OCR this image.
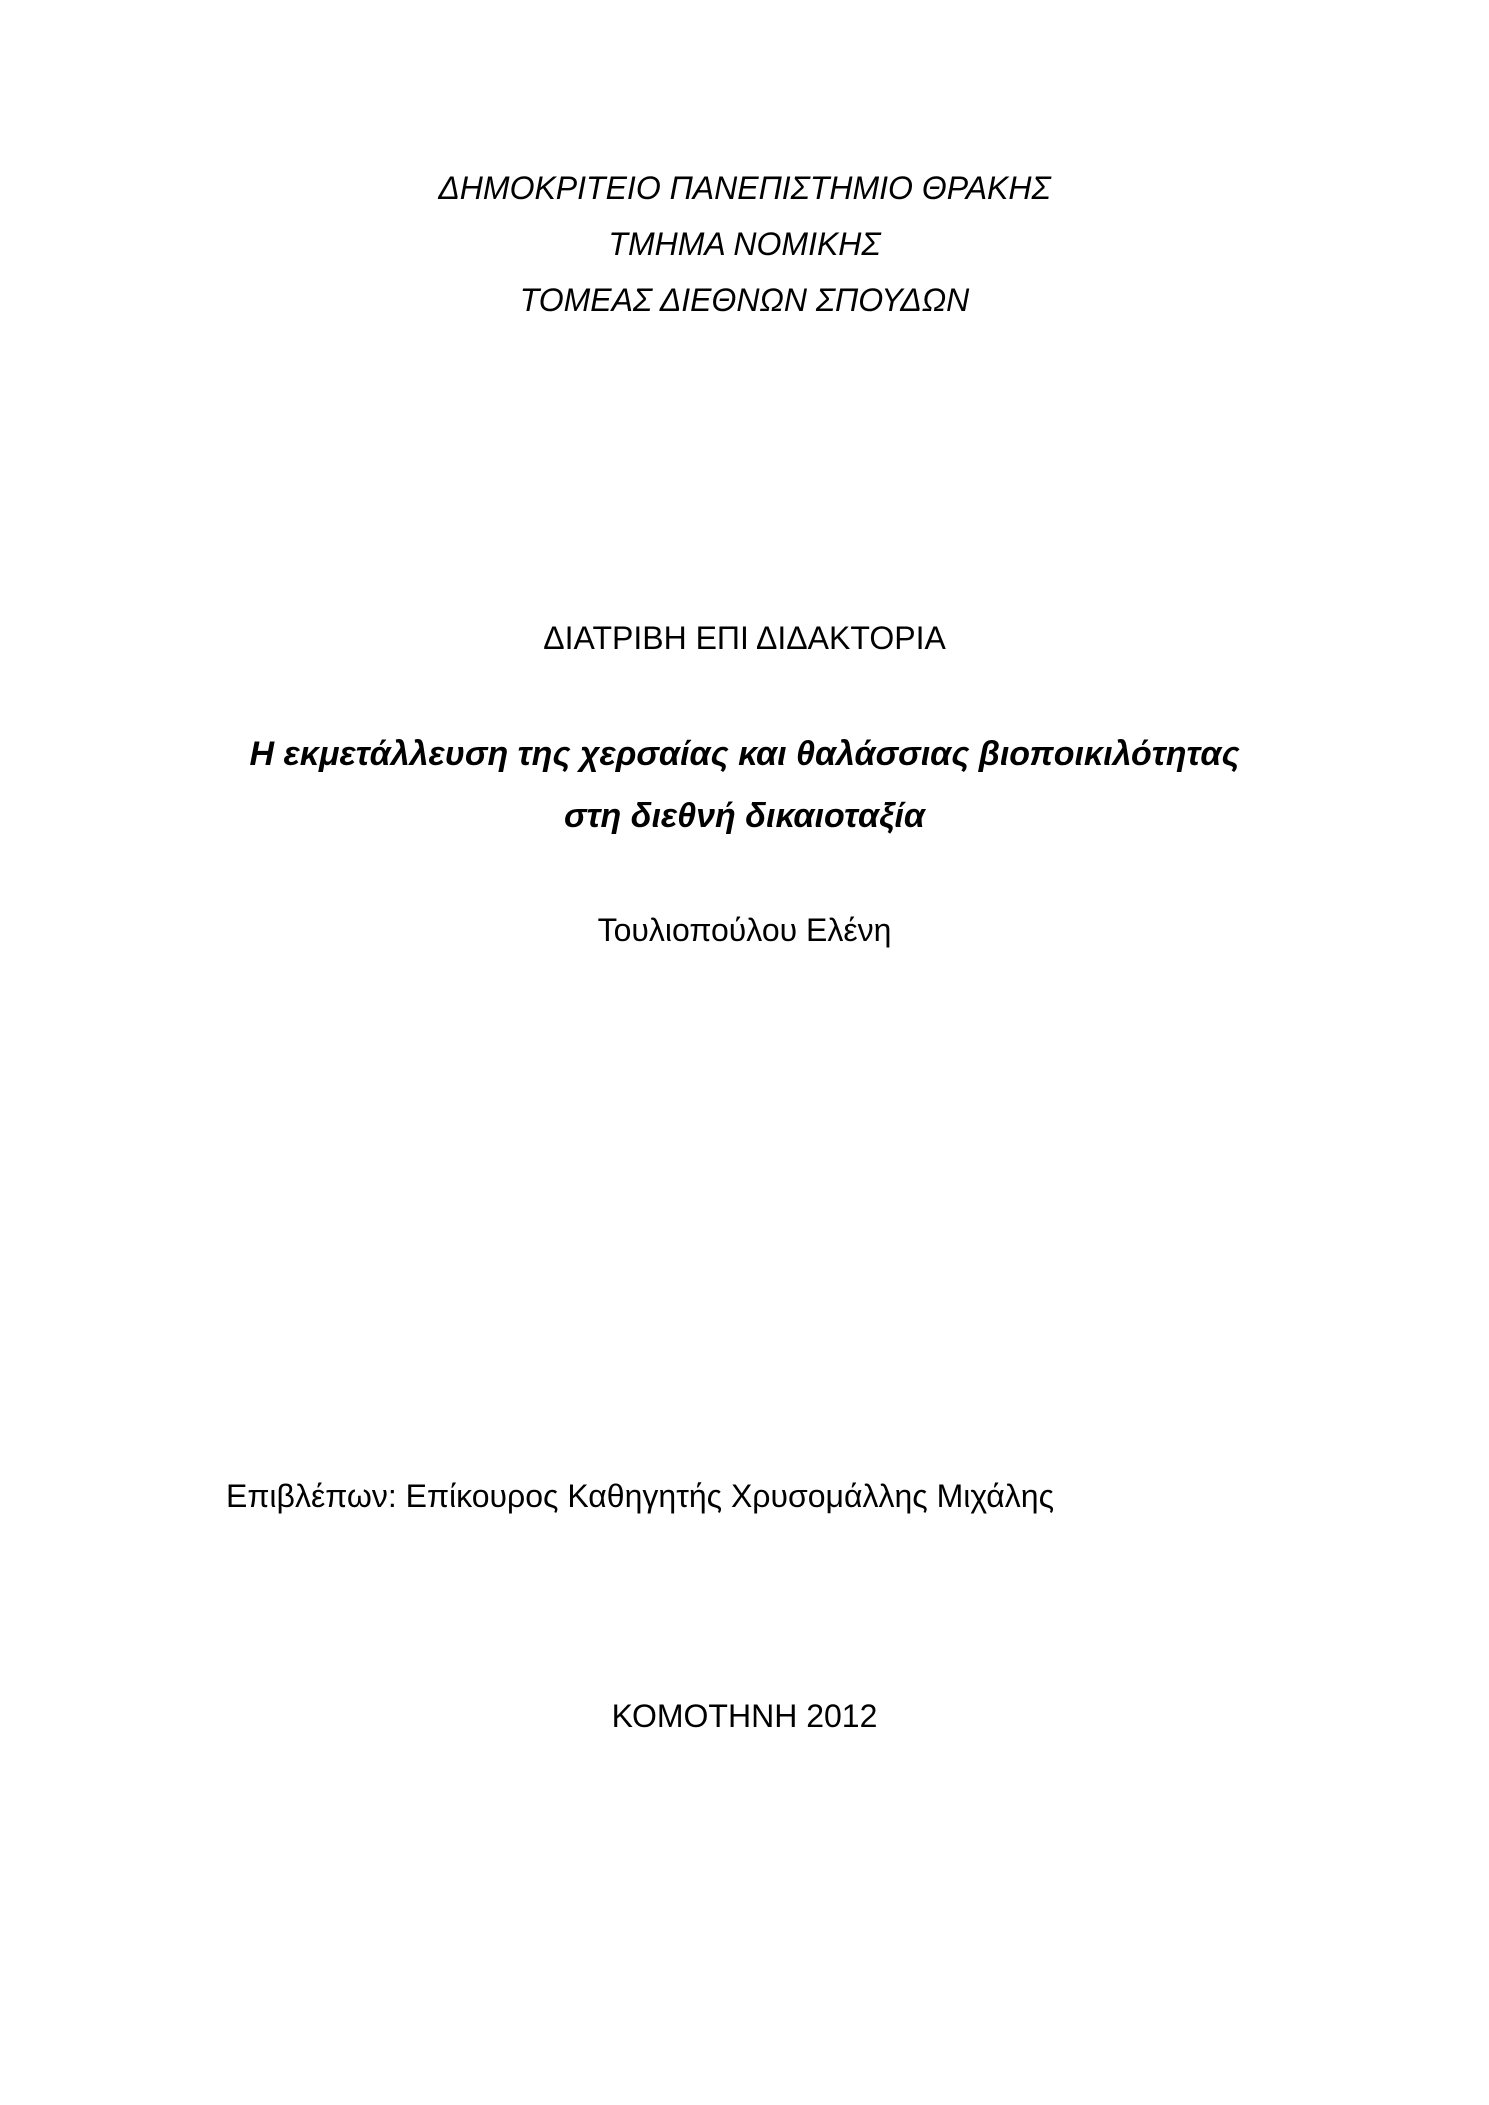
ΔΗΜΟΚΡΙΤΕΙΟ ΠΑΝΕΠΙΣΤΗΜΙΟ ΘΡΑΚΗΣ
ΤΜΗΜΑ ΝΟΜΙΚΗΣ
ΤΟΜΕΑΣ ΔΙΕΘΝΩΝ ΣΠΟΥΔΩΝ
ΔΙΑΤΡΙΒΗ ΕΠΙ ΔΙΔΑΚΤΟΡΙΑ
Η εκμετάλλευση της χερσαίας και θαλάσσιας βιοποικιλότητας
στη διεθνή δικαιοταξία
Τουλιοπούλου Ελένη
Επιβλέπων: Επίκουρος Καθηγητής Χρυσομάλλης Μιχάλης
ΚΟΜΟΤΗΝΗ 2012
